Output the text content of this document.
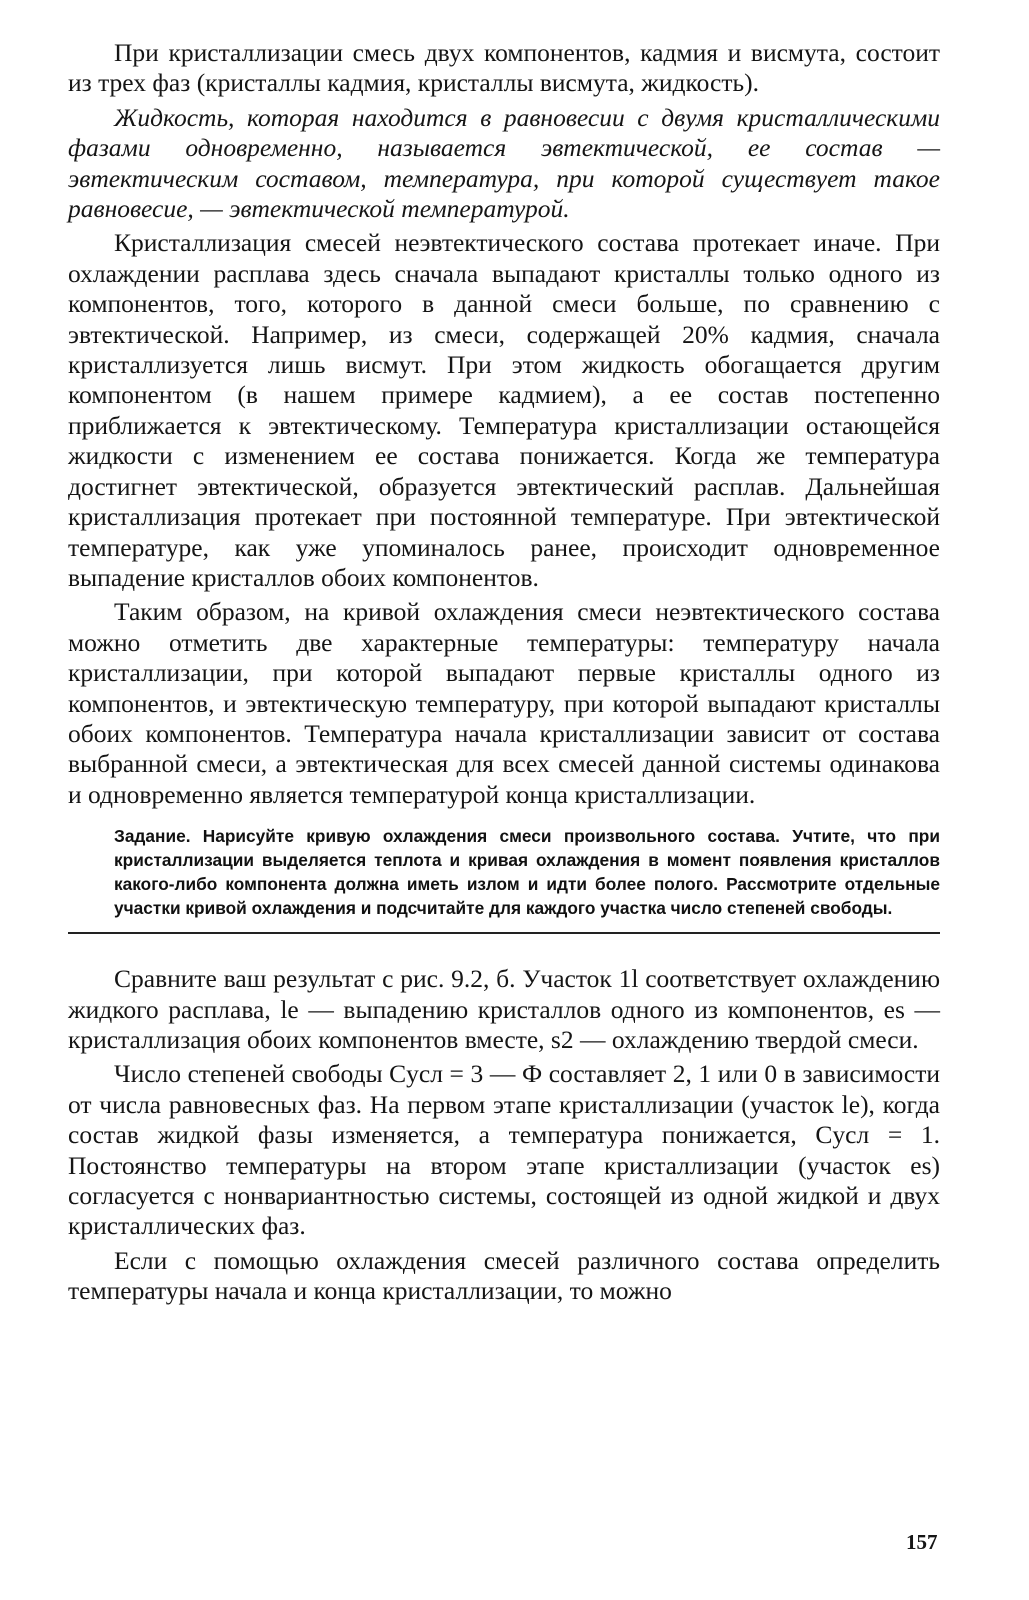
При кристаллизации смесь двух компонентов, кадмия и висмута, состоит из трех фаз (кристаллы кадмия, кристаллы висмута, жидкость).

Жидкость, которая находится в равновесии с двумя кристаллическими фазами одновременно, называется эвтектической, ее состав — эвтектическим составом, температура, при которой существует такое равновесие, — эвтектической температурой.

Кристаллизация смесей неэвтектического состава протекает иначе. При охлаждении расплава здесь сначала выпадают кристаллы только одного из компонентов, того, которого в данной смеси больше, по сравнению с эвтектической. Например, из смеси, содержащей 20% кадмия, сначала кристаллизуется лишь висмут. При этом жидкость обогащается другим компонентом (в нашем примере кадмием), а ее состав постепенно приближается к эвтектическому. Температура кристаллизации остающейся жидкости с изменением ее состава понижается. Когда же температура достигнет эвтектической, образуется эвтектический расплав. Дальнейшая кристаллизация протекает при постоянной температуре. При эвтектической температуре, как уже упоминалось ранее, происходит одновременное выпадение кристаллов обоих компонентов.

Таким образом, на кривой охлаждения смеси неэвтектического состава можно отметить две характерные температуры: температуру начала кристаллизации, при которой выпадают первые кристаллы одного из компонентов, и эвтектическую температуру, при которой выпадают кристаллы обоих компонентов. Температура начала кристаллизации зависит от состава выбранной смеси, а эвтектическая для всех смесей данной системы одинакова и одновременно является температурой конца кристаллизации.

Задание. Нарисуйте кривую охлаждения смеси произвольного состава. Учтите, что при кристаллизации выделяется теплота и кривая охлаждения в момент появления кристаллов какого-либо компонента должна иметь излом и идти более полого. Рассмотрите отдельные участки кривой охлаждения и подсчитайте для каждого участка число степеней свободы.

Сравните ваш результат с рис. 9.2, б. Участок 1l соответствует охлаждению жидкого расплава, le — выпадению кристаллов одного из компонентов, es — кристаллизация обоих компонентов вместе, s2 — охлаждению твердой смеси.

Число степеней свободы Cусл = 3 — Ф составляет 2, 1 или 0 в зависимости от числа равновесных фаз. На первом этапе кристаллизации (участок le), когда состав жидкой фазы изменяется, а температура понижается, Cусл = 1. Постоянство температуры на втором этапе кристаллизации (участок es) согласуется с нонвариантностью системы, состоящей из одной жидкой и двух кристаллических фаз.

Если с помощью охлаждения смесей различного состава определить температуры начала и конца кристаллизации, то можно

157
